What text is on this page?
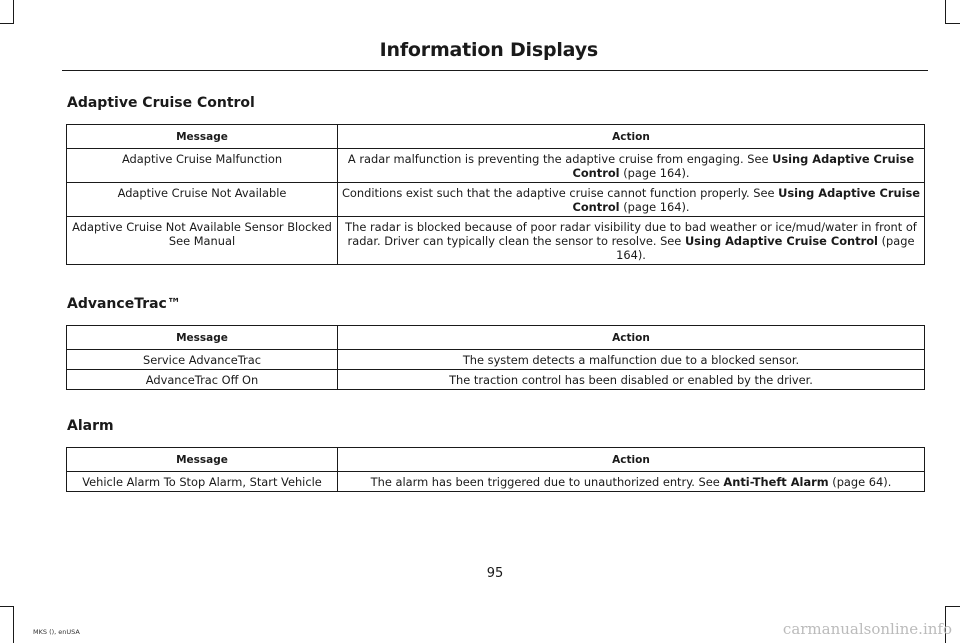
Information Displays
Adaptive Cruise Control
Message	Action
Adaptive Cruise Malfunction	A radar malfunction is preventing the adaptive cruise from engaging. See Using Adaptive Cruise Control (page 164).
Adaptive Cruise Not Available	Conditions exist such that the adaptive cruise cannot function properly. See Using Adaptive Cruise Control (page 164).
Adaptive Cruise Not Available Sensor Blocked See Manual	The radar is blocked because of poor radar visibility due to bad weather or ice/mud/water in front of radar. Driver can typically clean the sensor to resolve. See Using Adaptive Cruise Control (page 164).
AdvanceTrac™
Message	Action
Service AdvanceTrac	The system detects a malfunction due to a blocked sensor.
AdvanceTrac Off On	The traction control has been disabled or enabled by the driver.
Alarm
Message	Action
Vehicle Alarm To Stop Alarm, Start Vehicle	The alarm has been triggered due to unauthorized entry. See Anti-Theft Alarm (page 64).
95
MKS (), enUSA	carmanualsonline.info
